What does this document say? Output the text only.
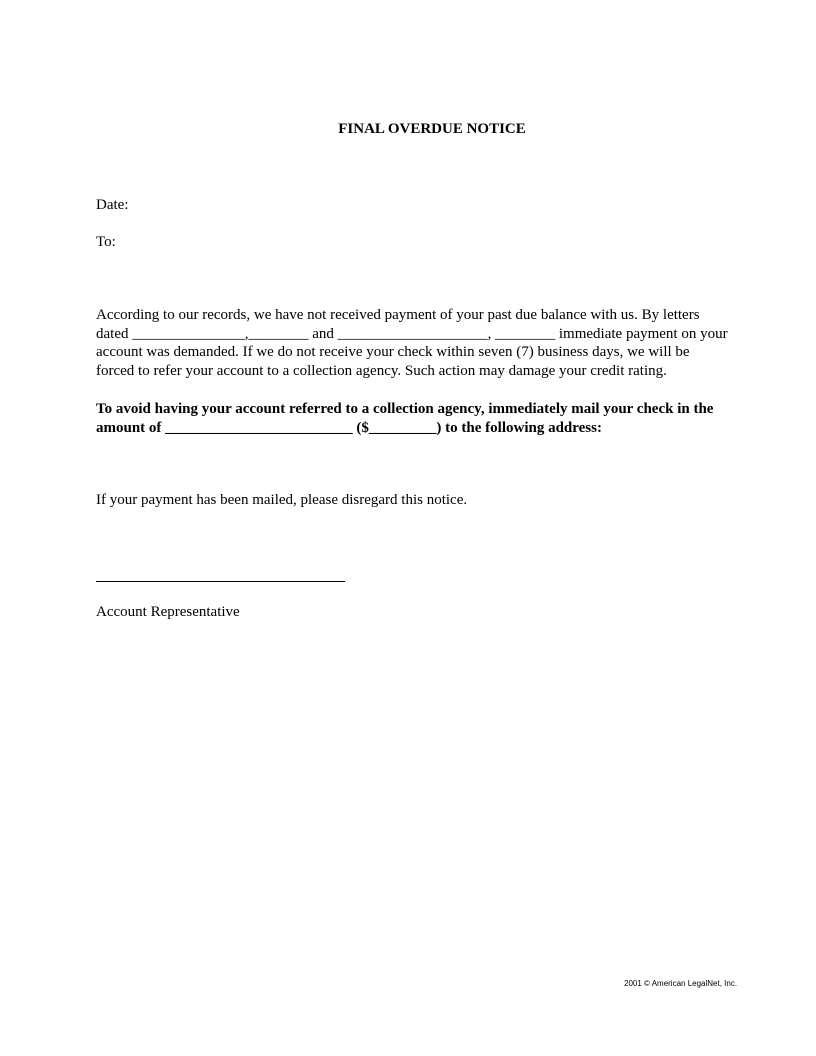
FINAL OVERDUE NOTICE
Date:
To:
According to our records, we have not received payment of your past due balance with us. By letters
dated _______________,________ and ____________________, ________ immediate payment on your
account was demanded. If we do not receive your check within seven (7) business days, we will be
forced to refer your account to a collection agency. Such action may damage your credit rating.
To avoid having your account referred to a collection agency, immediately mail your check in the
amount of _________________________ ($_________) to the following address:
If your payment has been mailed, please disregard this notice.
Account Representative
2001 © American LegalNet, Inc.
